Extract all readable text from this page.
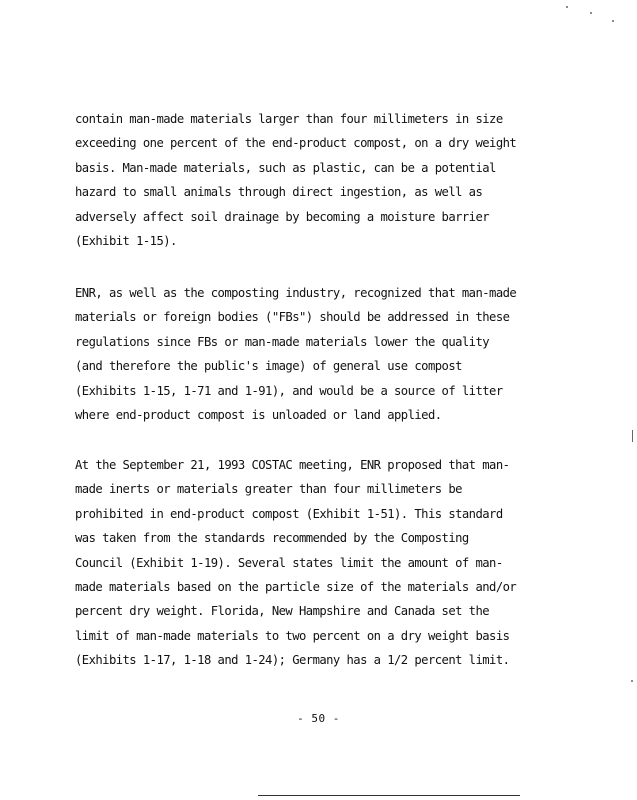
contain man-made materials larger than four millimeters in size
exceeding one percent of the end-product compost, on a dry weight
basis. Man-made materials, such as plastic, can be a potential
hazard to small animals through direct ingestion, as well as
adversely affect soil drainage by becoming a moisture barrier
(Exhibit 1-15).
ENR, as well as the composting industry, recognized that man-made
materials or foreign bodies ("FBs") should be addressed in these
regulations since FBs or man-made materials lower the quality
(and therefore the public's image) of general use compost
(Exhibits 1-15, 1-71 and 1-91), and would be a source of litter
where end-product compost is unloaded or land applied.
At the September 21, 1993 COSTAC meeting, ENR proposed that man-
made inerts or materials greater than four millimeters be
prohibited in end-product compost (Exhibit 1-51). This standard
was taken from the standards recommended by the Composting
Council (Exhibit 1-19). Several states limit the amount of man-
made materials based on the particle size of the materials and/or
percent dry weight. Florida, New Hampshire and Canada set the
limit of man-made materials to two percent on a dry weight basis
(Exhibits 1-17, 1-18 and 1-24); Germany has a 1/2 percent limit.
- 50 -
